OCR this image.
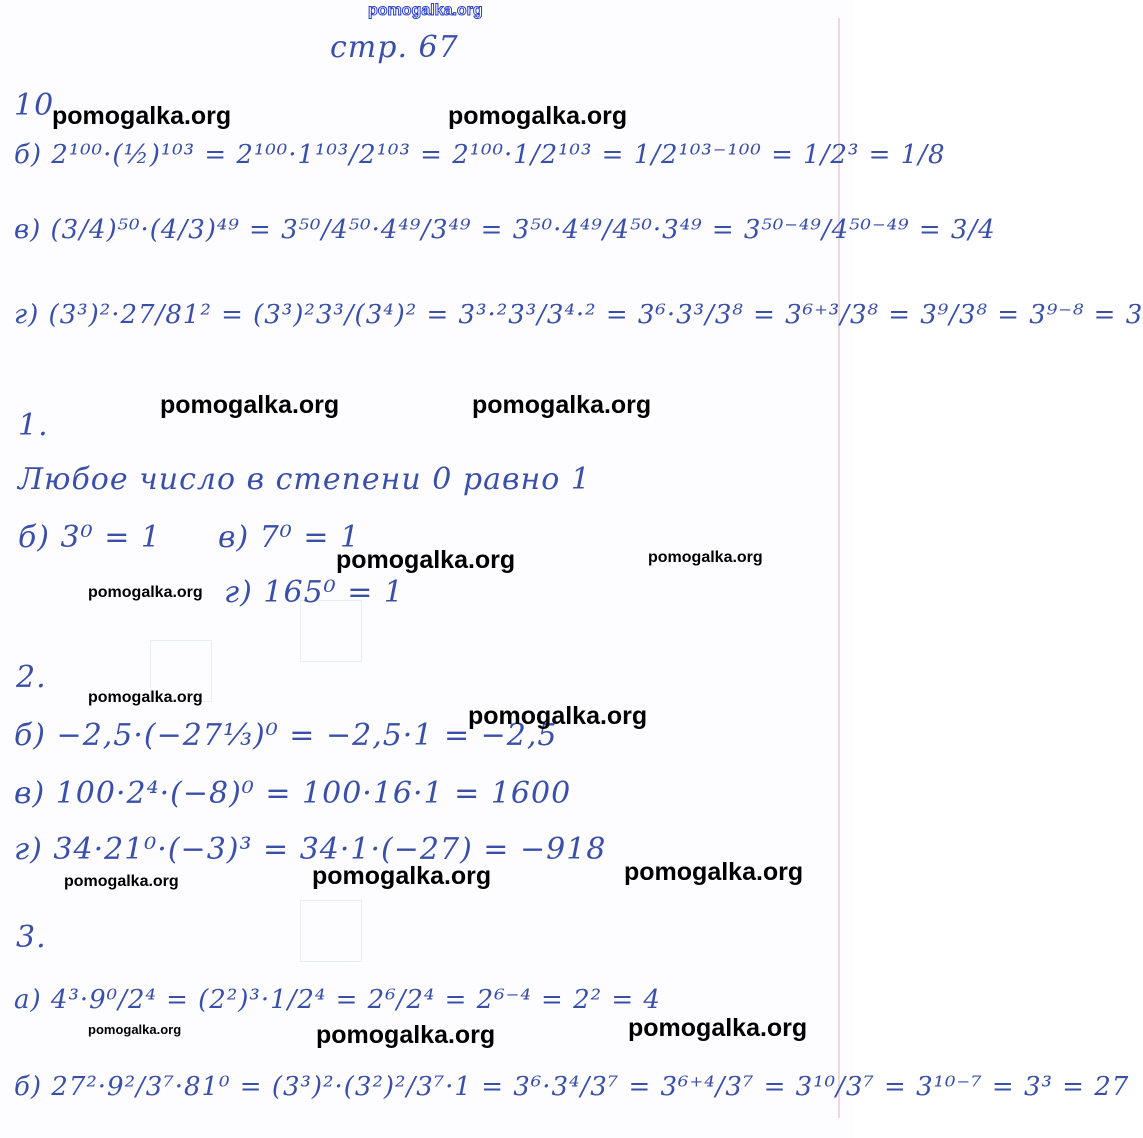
pomogalka.org
стр. 67
10
б) 2¹⁰⁰·(½)¹⁰³ = 2¹⁰⁰·1¹⁰³/2¹⁰³ = 2¹⁰⁰·1/2¹⁰³ = 1/2¹⁰³⁻¹⁰⁰ = 1/2³ = 1/8
в) (3/4)⁵⁰·(4/3)⁴⁹ = 3⁵⁰/4⁵⁰·4⁴⁹/3⁴⁹ = 3⁵⁰·4⁴⁹/4⁵⁰·3⁴⁹ = 3⁵⁰⁻⁴⁹/4⁵⁰⁻⁴⁹ = 3/4
г) (3³)²·27/81² = (3³)²3³/(3⁴)² = 3³·²3³/3⁴·² = 3⁶·3³/3⁸ = 3⁶⁺³/3⁸ = 3⁹/3⁸ = 3⁹⁻⁸ = 3
1.
Любое число в степени 0 равно 1
б) 3⁰ = 1 в) 7⁰ = 1
г) 165⁰ = 1
2.
б) −2,5·(−27⅓)⁰ = −2,5·1 = −2,5
в) 100·2⁴·(−8)⁰ = 100·16·1 = 1600
г) 34·21⁰·(−3)³ = 34·1·(−27) = −918
3.
а) 4³·9⁰/2⁴ = (2²)³·1/2⁴ = 2⁶/2⁴ = 2⁶⁻⁴ = 2² = 4
б) 27²·9²/3⁷·81⁰ = (3³)²·(3²)²/3⁷·1 = 3⁶·3⁴/3⁷ = 3⁶⁺⁴/3⁷ = 3¹⁰/3⁷ = 3¹⁰⁻⁷ = 3³ = 27
pomogalka.org	pomogalka.org
pomogalka.org	pomogalka.org
pomogalka.org	pomogalka.org
pomogalka.org
pomogalka.org
pomogalka.org
pomogalka.org	pomogalka.org	pomogalka.org
pomogalka.org	pomogalka.org	pomogalka.org
